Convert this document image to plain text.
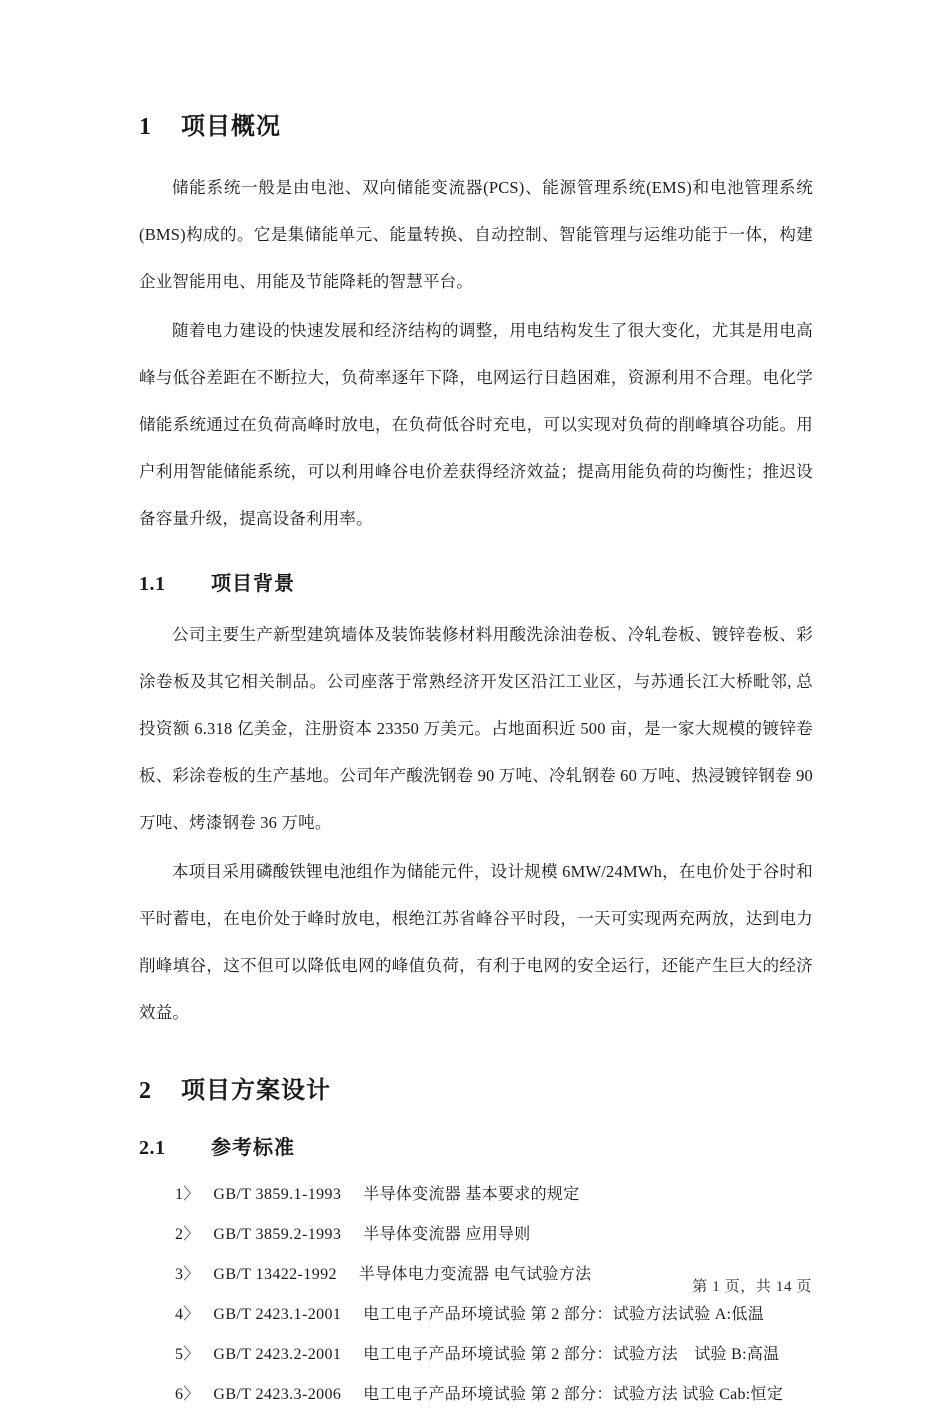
1	项目概况

储能系统一般是由电池、双向储能变流器(PCS)、能源管理系统(EMS)和电池管理系统(BMS)构成的。它是集储能单元、能量转换、自动控制、智能管理与运维功能于一体，构建企业智能用电、用能及节能降耗的智慧平台。

随着电力建设的快速发展和经济结构的调整，用电结构发生了很大变化，尤其是用电高峰与低谷差距在不断拉大，负荷率逐年下降，电网运行日趋困难，资源利用不合理。电化学储能系统通过在负荷高峰时放电，在负荷低谷时充电，可以实现对负荷的削峰填谷功能。用户利用智能储能系统，可以利用峰谷电价差获得经济效益；提高用能负荷的均衡性；推迟设备容量升级，提高设备利用率。

1.1	项目背景

公司主要生产新型建筑墙体及装饰装修材料用酸洗涂油卷板、冷轧卷板、镀锌卷板、彩涂卷板及其它相关制品。公司座落于常熟经济开发区沿江工业区，与苏通长江大桥毗邻, 总投资额 6.318 亿美金，注册资本 23350 万美元。占地面积近 500 亩，是一家大规模的镀锌卷板、彩涂卷板的生产基地。公司年产酸洗钢卷 90 万吨、冷轧钢卷 60 万吨、热浸镀锌钢卷 90 万吨、烤漆钢卷 36 万吨。

本项目采用磷酸铁锂电池组作为储能元件，设计规模 6MW/24MWh，在电价处于谷时和平时蓄电，在电价处于峰时放电，根绝江苏省峰谷平时段，一天可实现两充两放，达到电力削峰填谷，这不但可以降低电网的峰值负荷，有利于电网的安全运行，还能产生巨大的经济效益。

2	项目方案设计
2.1	参考标准
1〉 GB/T 3859.1-1993 半导体变流器 基本要求的规定
2〉 GB/T 3859.2-1993 半导体变流器 应用导则
3〉 GB/T 13422-1992 半导体电力变流器 电气试验方法
4〉 GB/T 2423.1-2001 电工电子产品环境试验 第 2 部分：试验方法试验 A:低温
5〉 GB/T 2423.2-2001 电工电子产品环境试验 第 2 部分：试验方法　试验 B:高温
6〉 GB/T 2423.3-2006 电工电子产品环境试验 第 2 部分：试验方法 试验 Cab:恒定
第 1 页，共 14 页
